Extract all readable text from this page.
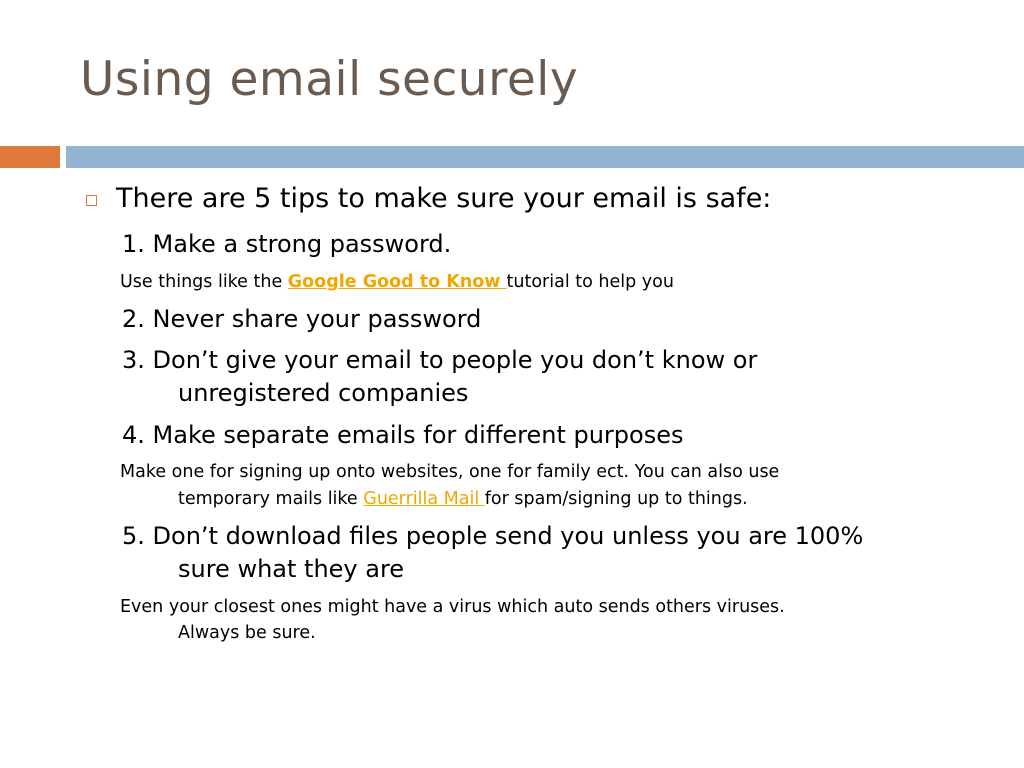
Using email securely
There are 5 tips to make sure your email is safe:
1. Make a strong password.
Use things like the Google Good to Know tutorial to help you
2. Never share your password
3. Don’t give your email to people you don’t know or
unregistered companies
4. Make separate emails for different purposes
Make one for signing up onto websites, one for family ect. You can also use
temporary mails like Guerrilla Mail for spam/signing up to things.
5. Don’t download files people send you unless you are 100%
sure what they are
Even your closest ones might have a virus which auto sends others viruses.
Always be sure.
